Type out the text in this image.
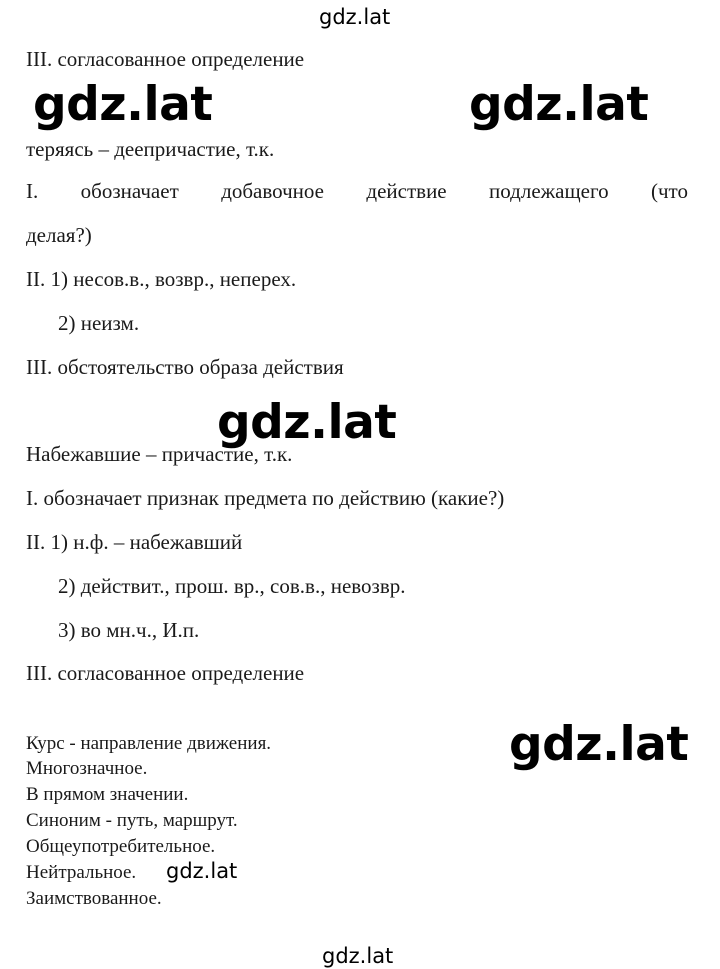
gdz.lat
III. согласованное определение
gdz.lat	gdz.lat
теряясь – деепричастие, т.к.
I. обозначает добавочное действие подлежащего (что
делая?)
II. 1) несов.в., возвр., неперех.
2) неизм.
III. обстоятельство образа действия
Набежавшие – причастие, т.к.
gdz.lat
I. обозначает признак предмета по действию (какие?)
II. 1) н.ф. – набежавший
2) действит., прош. вр., сов.в., невозвр.
3) во мн.ч., И.п.
III. согласованное определение
Курс - направление движения.
Многозначное.
В прямом значении.
Синоним - путь, маршрут.
Общеупотребительное.
Нейтральное.
Заимствованное.
gdz.lat
gdz.lat
gdz.lat
